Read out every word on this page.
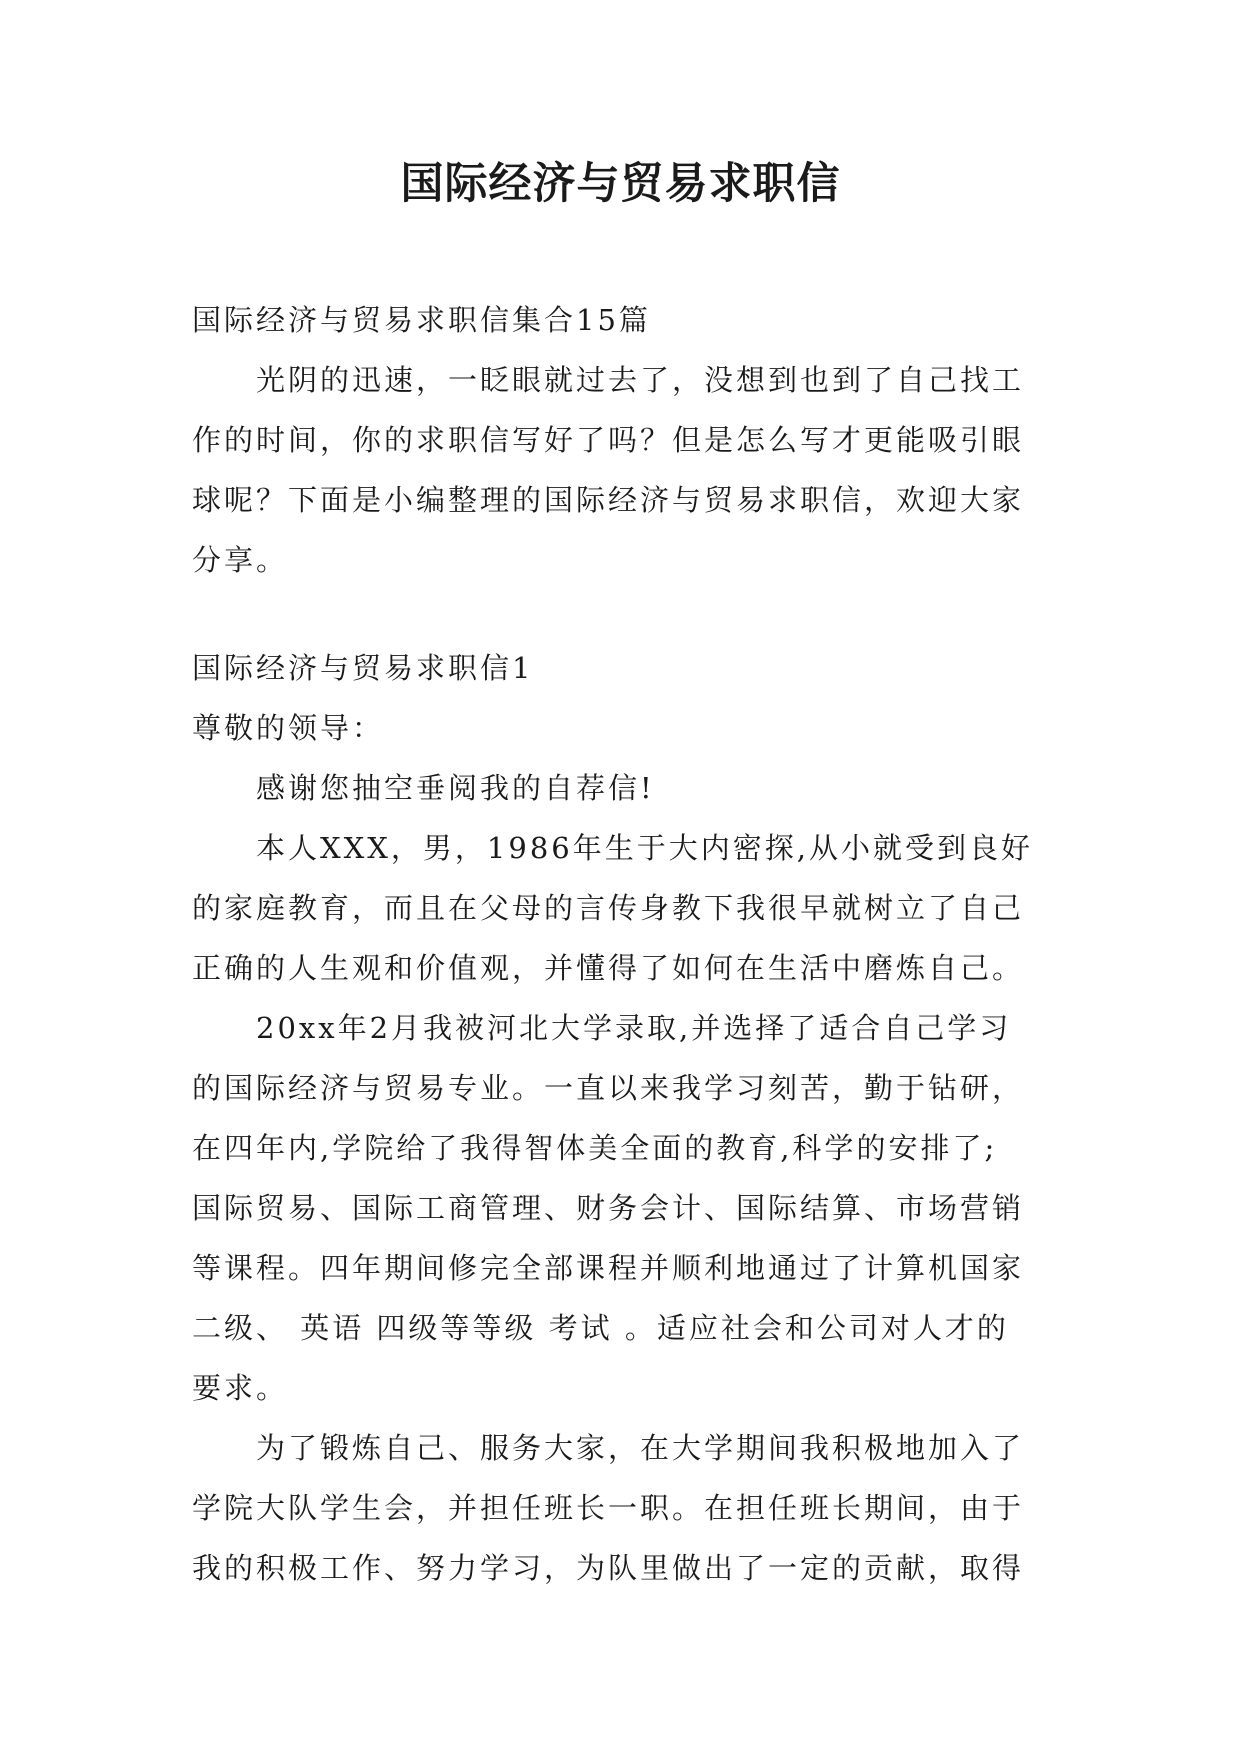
国际经济与贸易求职信

国际经济与贸易求职信集合15篇

光阴的迅速，一眨眼就过去了，没想到也到了自己找工

作的时间，你的求职信写好了吗？但是怎么写才更能吸引眼

球呢？下面是小编整理的国际经济与贸易求职信，欢迎大家

分享。

国际经济与贸易求职信1

尊敬的领导：

感谢您抽空垂阅我的自荐信!

本人XXX，男，1986年生于大内密探,从小就受到良好

的家庭教育，而且在父母的言传身教下我很早就树立了自己

正确的人生观和价值观，并懂得了如何在生活中磨炼自己。

20xx年2月我被河北大学录取,并选择了适合自己学习

的国际经济与贸易专业。一直以来我学习刻苦，勤于钻研，

在四年内,学院给了我得智体美全面的教育,科学的安排了;

国际贸易、国际工商管理、财务会计、国际结算、市场营销

等课程。四年期间修完全部课程并顺利地通过了计算机国家

二级、 英语 四级等等级 考试 。适应社会和公司对人才的

要求。

为了锻炼自己、服务大家，在大学期间我积极地加入了

学院大队学生会，并担任班长一职。在担任班长期间，由于

我的积极工作、努力学习，为队里做出了一定的贡献，取得
